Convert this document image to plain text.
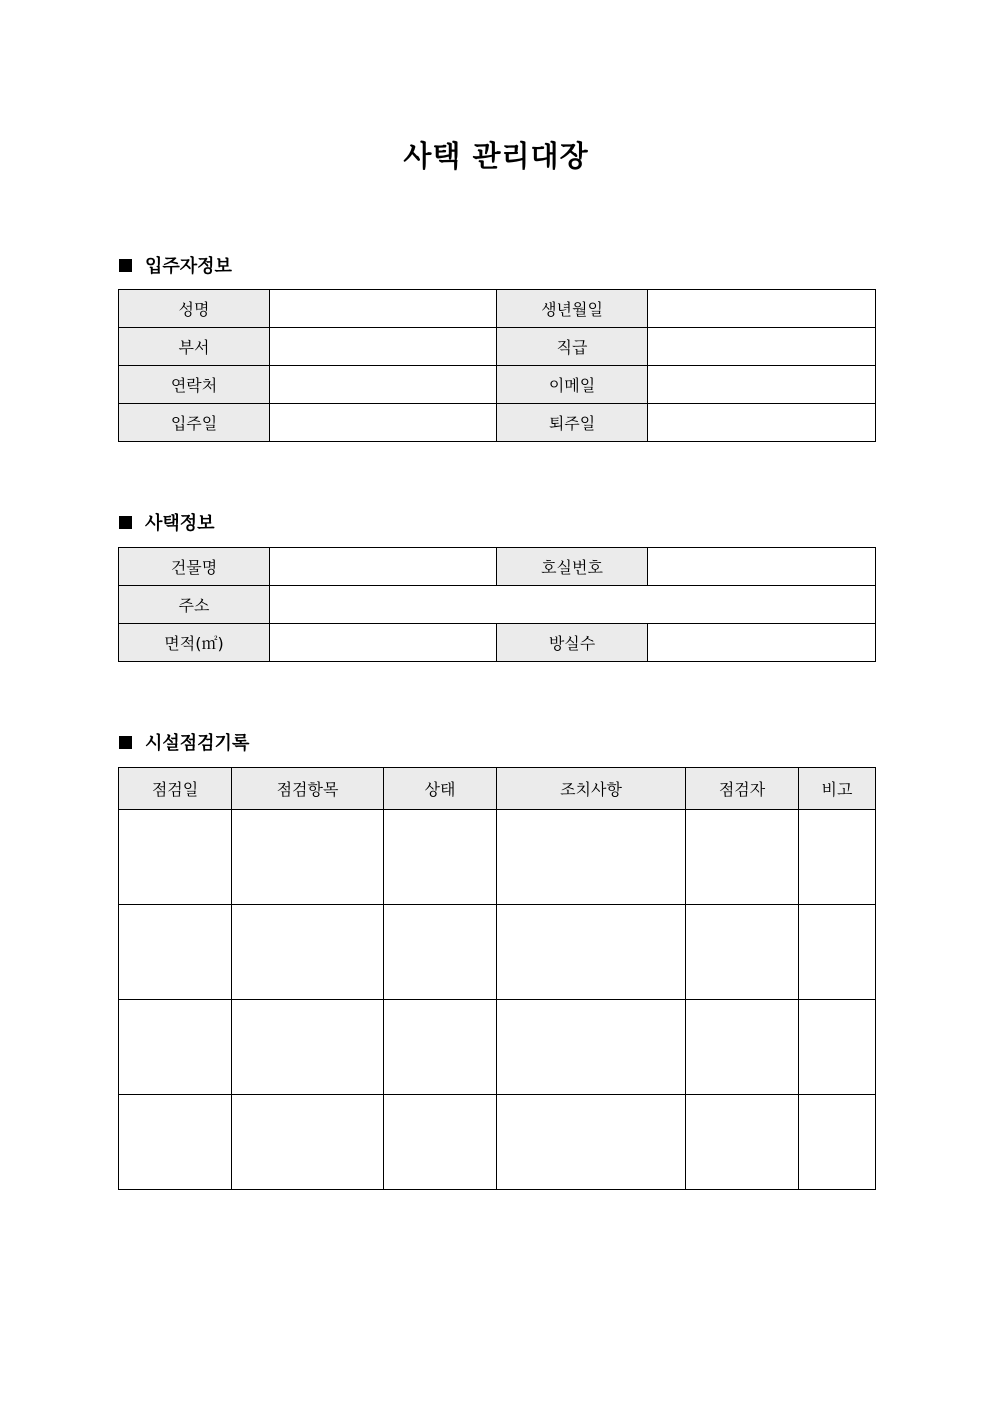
사택 관리대장
입주자정보
성명		생년월일	
부서		직급	
연락처		이메일	
입주일		퇴주일	
사택정보
건물명		호실번호	
주소			
면적(㎡)		방실수	
시설점검기록
점검일	점검항목	상태	조치사항	점검자	비고
